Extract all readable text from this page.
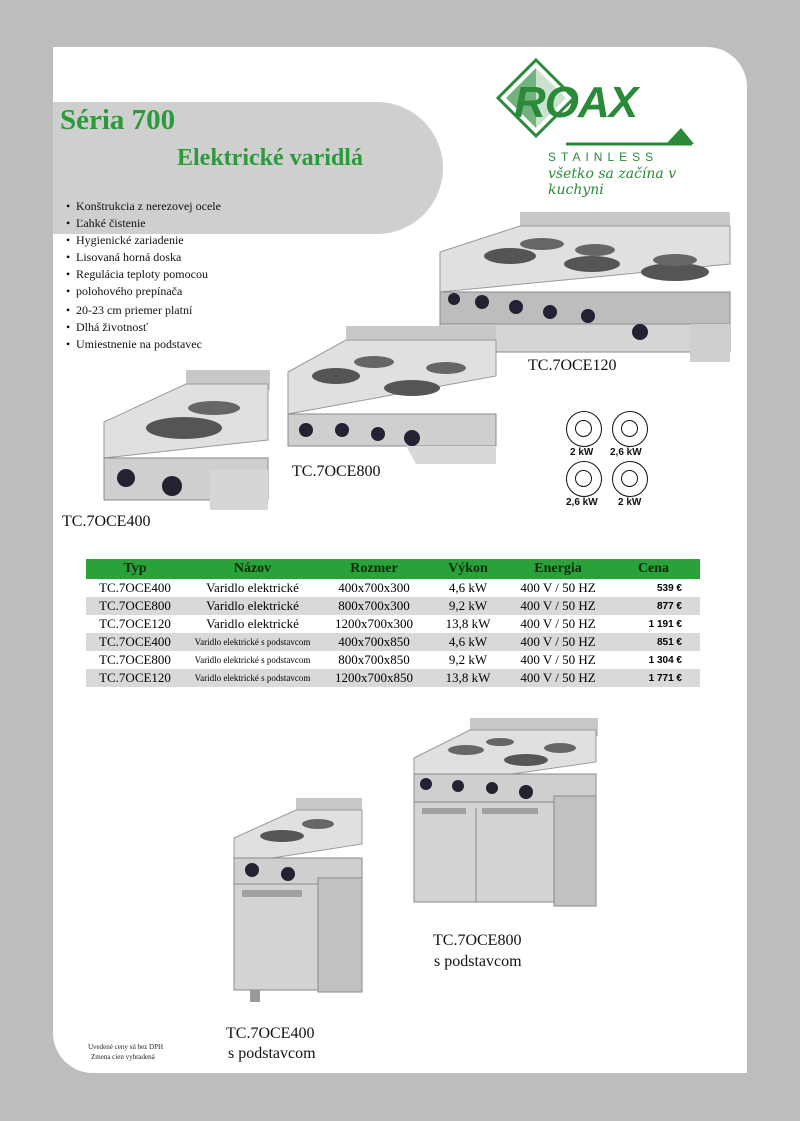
Séria 700
Elektrické varidlá
ROAX
STAINLESS
všetko sa začína v kuchyni
• Konštrukcia z nerezovej ocele
• Ľahké čistenie
• Hygienické zariadenie
• Lisovaná horná doska
• Regulácia teploty pomocou
• polohového prepínača
• 20-23 cm priemer platní
• Dlhá životnosť
• Umiestnenie na podstavec
TC.7OCE120
TC.7OCE800
TC.7OCE400
2 kW 2,6 kW
2,6 kW 2 kW
Typ	Názov	Rozmer	Výkon	Energia	Cena
TC.7OCE400	Varidlo elektrické	400x700x300	4,6 kW	400 V / 50 HZ	539 €
TC.7OCE800	Varidlo elektrické	800x700x300	9,2 kW	400 V / 50 HZ	877 €
TC.7OCE120	Varidlo elektrické	1200x700x300	13,8 kW	400 V / 50 HZ	1 191 €
TC.7OCE400	Varidlo elektrické s podstavcom	400x700x850	4,6 kW	400 V / 50 HZ	851 €
TC.7OCE800	Varidlo elektrické s podstavcom	800x700x850	9,2 kW	400 V / 50 HZ	1 304 €
TC.7OCE120	Varidlo elektrické s podstavcom	1200x700x850	13,8 kW	400 V / 50 HZ	1 771 €
TC.7OCE800
s podstavcom
TC.7OCE400
s podstavcom
Uvedené ceny sú bez DPH
Zmena cien vyhradená
